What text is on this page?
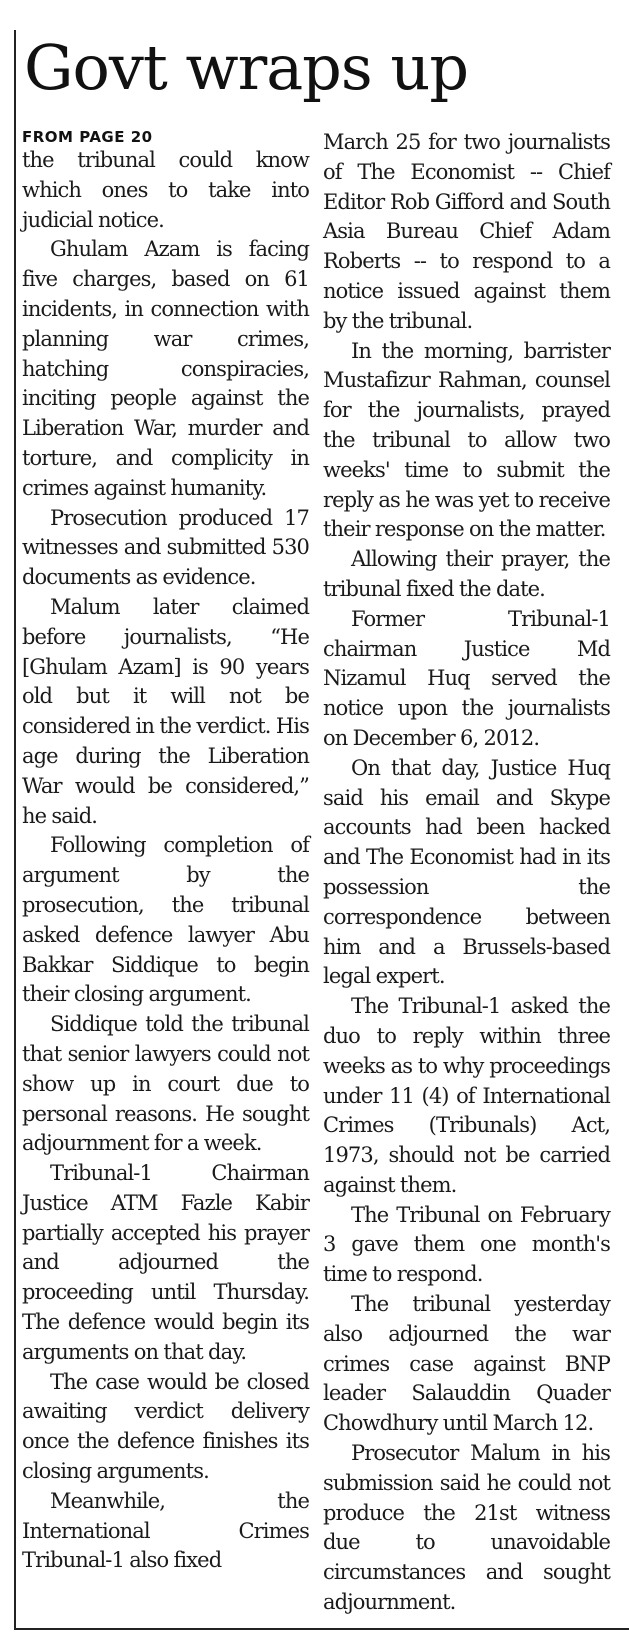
Govt wraps up

FROM PAGE 20

the tribunal could know which ones to take into judicial notice.

Ghulam Azam is facing five charges, based on 61 incidents, in connection with planning war crimes, hatching conspiracies, inciting people against the Liberation War, murder and torture, and complicity in crimes against humanity.

Prosecution produced 17 witnesses and submitted 530 documents as evidence.

Malum later claimed before journalists, “He [Ghulam Azam] is 90 years old but it will not be considered in the verdict. His age during the Liberation War would be considered,” he said.

Following completion of argument by the prosecution, the tribunal asked defence lawyer Abu Bakkar Siddique to begin their closing argument.

Siddique told the tribunal that senior lawyers could not show up in court due to personal reasons. He sought adjournment for a week.

Tribunal-1 Chairman Justice ATM Fazle Kabir partially accepted his prayer and adjourned the proceeding until Thursday. The defence would begin its arguments on that day.

The case would be closed awaiting verdict delivery once the defence finishes its closing arguments.

Meanwhile, the International Crimes Tribunal-1 also fixed

March 25 for two journalists of The Economist -- Chief Editor Rob Gifford and South Asia Bureau Chief Adam Roberts -- to respond to a notice issued against them by the tribunal.

In the morning, barrister Mustafizur Rahman, counsel for the journalists, prayed the tribunal to allow two weeks' time to submit the reply as he was yet to receive their response on the matter.

Allowing their prayer, the tribunal fixed the date.

Former Tribunal-1 chairman Justice Md Nizamul Huq served the notice upon the journalists on December 6, 2012.

On that day, Justice Huq said his email and Skype accounts had been hacked and The Economist had in its possession the correspondence between him and a Brussels-based legal expert.

The Tribunal-1 asked the duo to reply within three weeks as to why proceedings under 11 (4) of International Crimes (Tribunals) Act, 1973, should not be carried against them.

The Tribunal on February 3 gave them one month's time to respond.

The tribunal yesterday also adjourned the war crimes case against BNP leader Salauddin Quader Chowdhury until March 12.

Prosecutor Malum in his submission said he could not produce the 21st witness due to unavoidable circumstances and sought adjournment.
